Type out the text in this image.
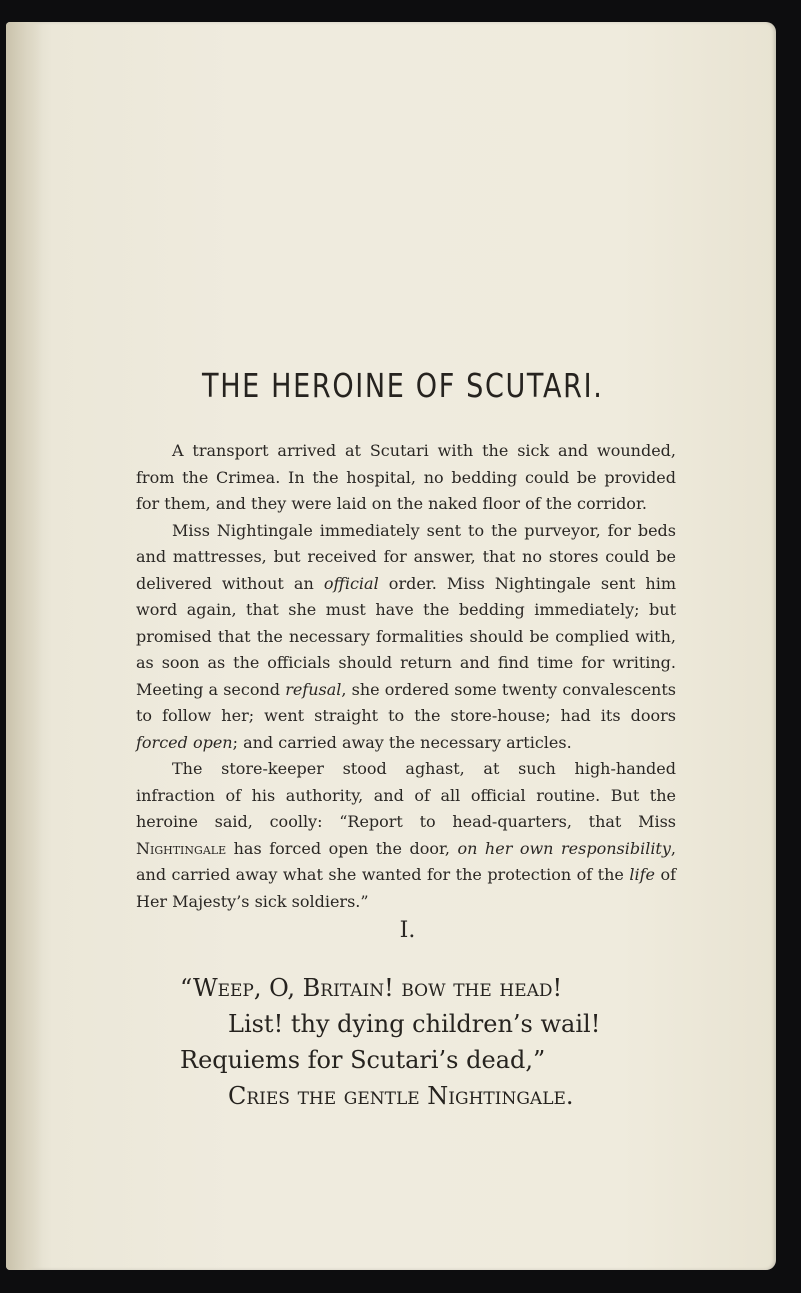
THE HEROINE OF SCUTARI.

A transport arrived at Scutari with the sick and wounded, from the Crimea. In the hospital, no bedding could be provided for them, and they were laid on the naked floor of the corridor.

Miss Nightingale immediately sent to the purveyor, for beds and mattresses, but received for answer, that no stores could be delivered without an official order. Miss Nightingale sent him word again, that she must have the bedding immediately; but promised that the necessary formalities should be complied with, as soon as the officials should return and find time for writing. Meeting a second refusal, she ordered some twenty convalescents to follow her; went straight to the store-house; had its doors forced open; and carried away the necessary articles.

The store-keeper stood aghast, at such high-handed infraction of his authority, and of all official routine. But the heroine said, coolly: “Report to head-quarters, that Miss Nightingale has forced open the door, on her own responsibility, and carried away what she wanted for the protection of the life of Her Majesty’s sick soldiers.”

I.
“Weep, O, Britain! bow the head!
List! thy dying children’s wail!
Requiems for Scutari’s dead,”
Cries the gentle Nightingale.
